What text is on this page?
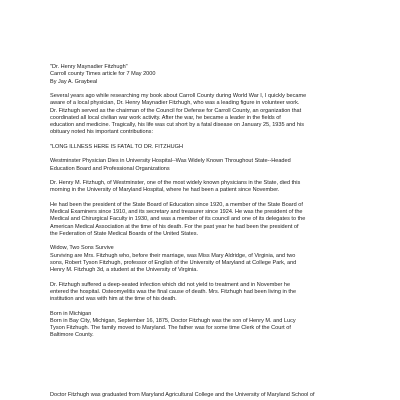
"Dr. Henry Maynadier Fitzhugh"
Carroll county Times article for 7 May 2000
By Jay A. Graybeal
Several years ago while researching my book about Carroll County during World War I, I quickly became
aware of a local physician, Dr. Henry Maynadier Fitzhugh, who was a leading figure in volunteer work.
Dr. Fitzhugh served as the chairman of the Council for Defense for Carroll County, an organization that
coordinated all local civilian war work activity. After the war, he became a leader in the fields of
education and medicine. Tragically, his life was cut short by a fatal disease on January 25, 1935 and his
obituary noted his important contributions:
"LONG ILLNESS HERE IS FATAL TO DR. FITZHUGH
Westminster Physician Dies in University Hospital--Was Widely Known Throughout State--Headed
Education Board and Professional Organizations
Dr. Henry M. Fitzhugh, of Westminster, one of the most widely known physicians in the State, died this
morning in the University of Maryland Hospital, where he had been a patient since November.
He had been the president of the State Board of Education since 1920, a member of the State Board of
Medical Examiners since 1910, and its secretary and treasurer since 1924. He was the president of the
Medical and Chirurgical Faculty in 1930, and was a member of its council and one of its delegates to the
American Medical Association at the time of his death. For the past year he had been the president of
the Federation of State Medical Boards of the United States.
Widow, Two Sons Survive
Surviving are Mrs. Fitzhugh who, before their marriage, was Miss Mary Aldridge, of Virginia, and two
sons, Robert Tyson Fitzhugh, professor of English of the University of Maryland at College Park, and
Henry M. Fitzhugh 3d, a student at the University of Virginia.
Dr. Fitzhugh suffered a deep-seated infection which did not yield to treatment and in November he
entered the hospital. Osteomyelitis was the final cause of death. Mrs. Fitzhugh had been living in the
institution and was with him at the time of his death.
Born in Michigan
Born in Bay City, Michigan, September 16, 1875, Doctor Fitzhugh was the son of Henry M. and Lucy
Tyson Fitzhugh. The family moved to Maryland. The father was for some time Clerk of the Court of
Baltimore County.
Doctor Fitzhugh was graduated from Maryland Agricultural College and the University of Maryland School of
